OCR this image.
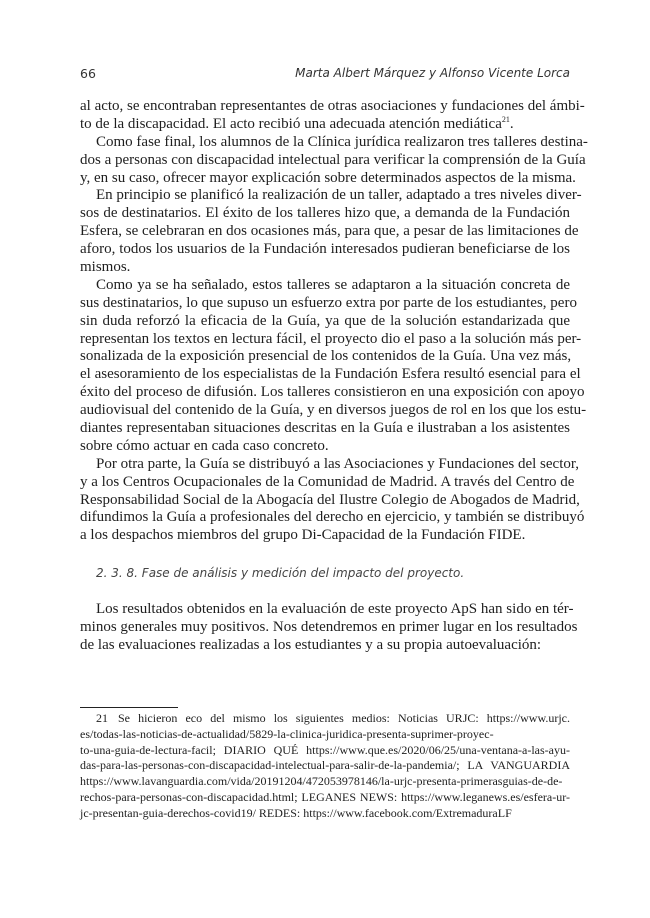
66	Marta Albert Márquez y Alfonso Vicente Lorca
al acto, se encontraban representantes de otras asociaciones y fundaciones del ámbi-
to de la discapacidad. El acto recibió una adecuada atención mediática$^{21}$.
Como fase final, los alumnos de la Clínica jurídica realizaron tres talleres destina-
dos a personas con discapacidad intelectual para verificar la comprensión de la Guía
y, en su caso, ofrecer mayor explicación sobre determinados aspectos de la misma.
En principio se planificó la realización de un taller, adaptado a tres niveles diver-
sos de destinatarios. El éxito de los talleres hizo que, a demanda de la Fundación
Esfera, se celebraran en dos ocasiones más, para que, a pesar de las limitaciones de
aforo, todos los usuarios de la Fundación interesados pudieran beneficiarse de los
mismos.
Como ya se ha señalado, estos talleres se adaptaron a la situación concreta de
sus destinatarios, lo que supuso un esfuerzo extra por parte de los estudiantes, pero
sin duda reforzó la eficacia de la Guía, ya que de la solución estandarizada que
representan los textos en lectura fácil, el proyecto dio el paso a la solución más per-
sonalizada de la exposición presencial de los contenidos de la Guía. Una vez más,
el asesoramiento de los especialistas de la Fundación Esfera resultó esencial para el
éxito del proceso de difusión. Los talleres consistieron en una exposición con apoyo
audiovisual del contenido de la Guía, y en diversos juegos de rol en los que los estu-
diantes representaban situaciones descritas en la Guía e ilustraban a los asistentes
sobre cómo actuar en cada caso concreto.
Por otra parte, la Guía se distribuyó a las Asociaciones y Fundaciones del sector,
y a los Centros Ocupacionales de la Comunidad de Madrid. A través del Centro de
Responsabilidad Social de la Abogacía del Ilustre Colegio de Abogados de Madrid,
difundimos la Guía a profesionales del derecho en ejercicio, y también se distribuyó
a los despachos miembros del grupo Di-Capacidad de la Fundación FIDE.
2. 3. 8. Fase de análisis y medición del impacto del proyecto.
Los resultados obtenidos en la evaluación de este proyecto ApS han sido en tér-
minos generales muy positivos. Nos detendremos en primer lugar en los resultados
de las evaluaciones realizadas a los estudiantes y a su propia autoevaluación:
21 Se hicieron eco del mismo los siguientes medios: Noticias URJC: https://www.urjc.
es/todas-las-noticias-de-actualidad/5829-la-clinica-juridica-presenta-suprimer-proyec-
to-una-guia-de-lectura-facil; DIARIO QUÉ https://www.que.es/2020/06/25/una-ventana-a-las-ayu-
das-para-las-personas-con-discapacidad-intelectual-para-salir-de-la-pandemia/; LA VANGUARDIA
https://www.lavanguardia.com/vida/20191204/472053978146/la-urjc-presenta-primerasguias-de-de-
rechos-para-personas-con-discapacidad.html; LEGANES NEWS: https://www.leganews.es/esfera-ur-
jc-presentan-guia-derechos-covid19/ REDES: https://www.facebook.com/ExtremaduraLF
